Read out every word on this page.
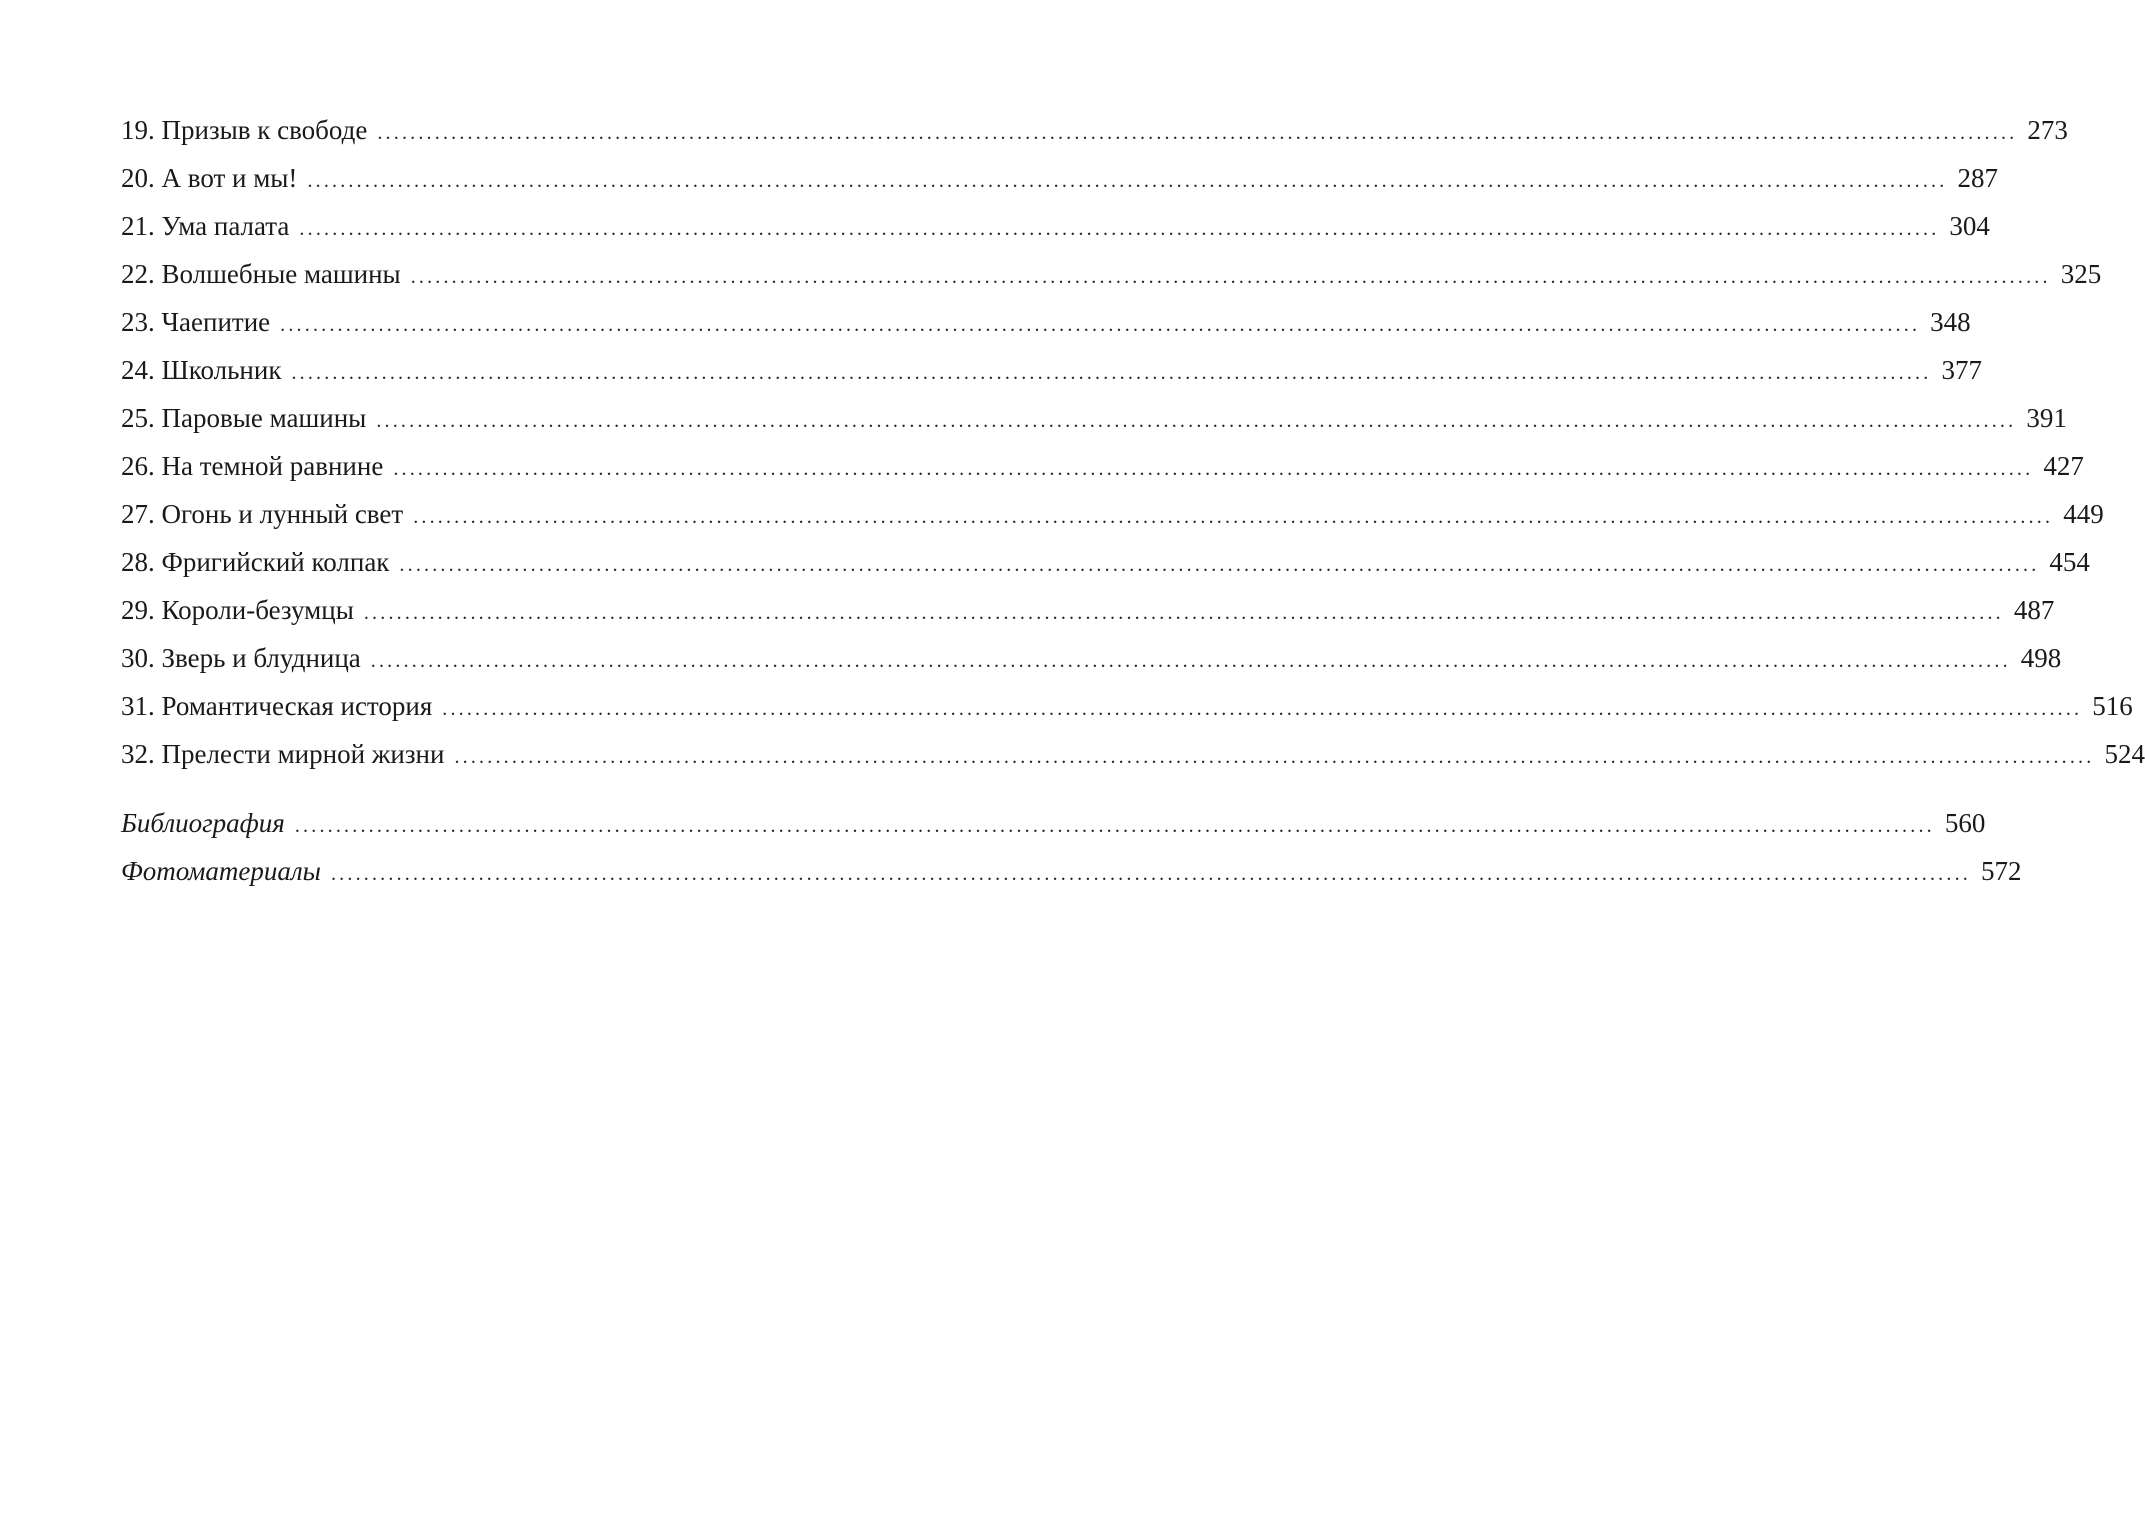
19. Призыв к свободе ........................................................................................................................................................................................................ 273
20. А вот и мы! ........................................................................................................................................................................................................ 287
21. Ума палата ........................................................................................................................................................................................................ 304
22. Волшебные машины ........................................................................................................................................................................................................ 325
23. Чаепитие ........................................................................................................................................................................................................ 348
24. Школьник ........................................................................................................................................................................................................ 377
25. Паровые машины ........................................................................................................................................................................................................ 391
26. На темной равнине ........................................................................................................................................................................................................ 427
27. Огонь и лунный свет ........................................................................................................................................................................................................ 449
28. Фригийский колпак ........................................................................................................................................................................................................ 454
29. Короли-безумцы ........................................................................................................................................................................................................ 487
30. Зверь и блудница ........................................................................................................................................................................................................ 498
31. Романтическая история ........................................................................................................................................................................................................ 516
32. Прелести мирной жизни ........................................................................................................................................................................................................ 524
Библиография ........................................................................................................................................................................................................ 560
Фотоматериалы ........................................................................................................................................................................................................ 572
